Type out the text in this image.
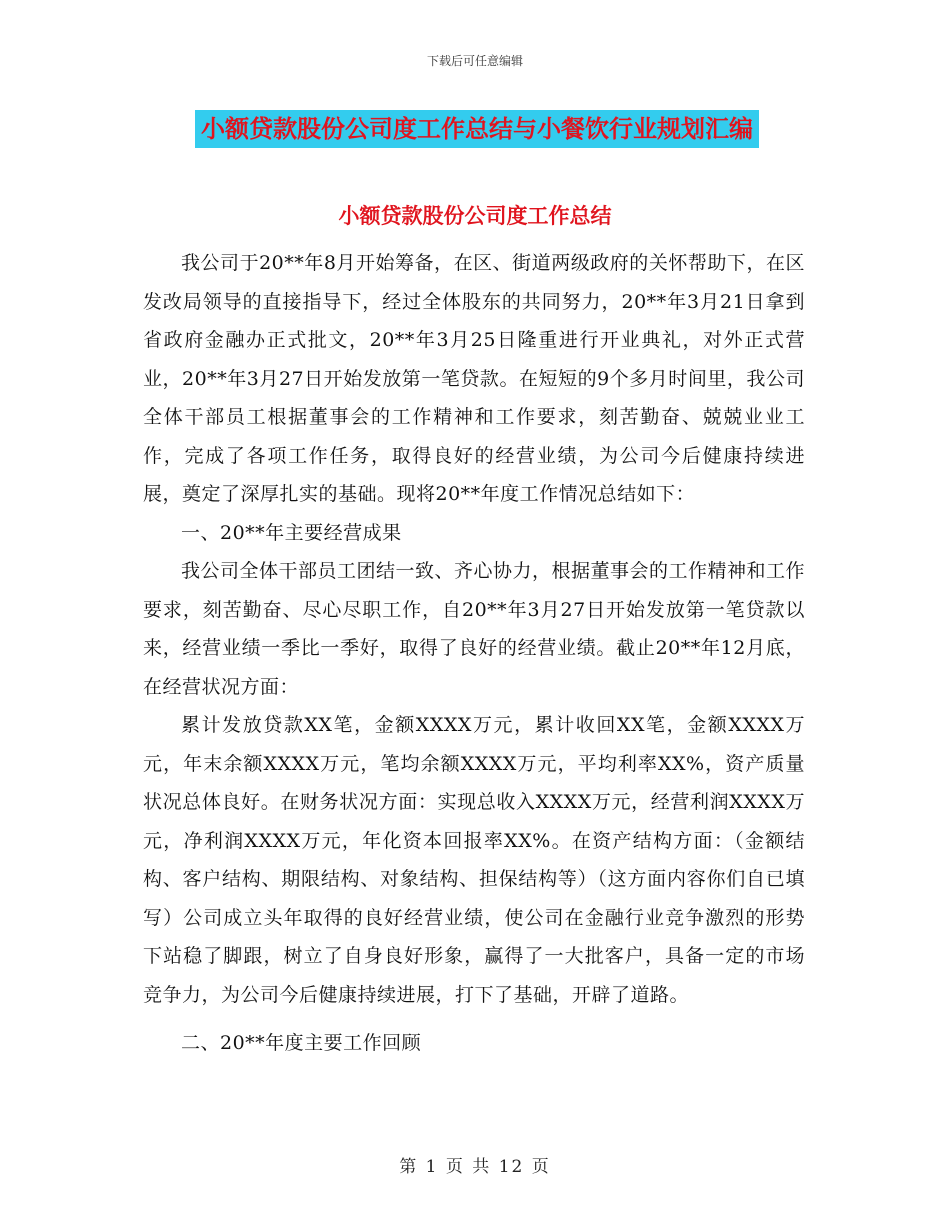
下载后可任意编辑
小额贷款股份公司度工作总结与小餐饮行业规划汇编
小额贷款股份公司度工作总结

我公司于20**年8月开始筹备，在区、街道两级政府的关怀帮助下，在区发改局领导的直接指导下，经过全体股东的共同努力，20**年3月21日拿到省政府金融办正式批文，20**年3月25日隆重进行开业典礼，对外正式营业，20**年3月27日开始发放第一笔贷款。在短短的9个多月时间里，我公司全体干部员工根据董事会的工作精神和工作要求，刻苦勤奋、兢兢业业工作，完成了各项工作任务，取得良好的经营业绩，为公司今后健康持续进展，奠定了深厚扎实的基础。现将20**年度工作情况总结如下：

一、20**年主要经营成果

我公司全体干部员工团结一致、齐心协力，根据董事会的工作精神和工作要求，刻苦勤奋、尽心尽职工作，自20**年3月27日开始发放第一笔贷款以来，经营业绩一季比一季好，取得了良好的经营业绩。截止20**年12月底，在经营状况方面：

累计发放贷款XX笔，金额XXXX万元，累计收回XX笔，金额XXXX万元，年末余额XXXX万元，笔均余额XXXX万元，平均利率XX%，资产质量状况总体良好。在财务状况方面：实现总收入XXXX万元，经营利润XXXX万元，净利润XXXX万元，年化资本回报率XX%。在资产结构方面：（金额结构、客户结构、期限结构、对象结构、担保结构等）（这方面内容你们自已填写）公司成立头年取得的良好经营业绩，使公司在金融行业竞争激烈的形势下站稳了脚跟，树立了自身良好形象，赢得了一大批客户，具备一定的市场竞争力，为公司今后健康持续进展，打下了基础，开辟了道路。

二、20**年度主要工作回顾

第 1 页 共 12 页
